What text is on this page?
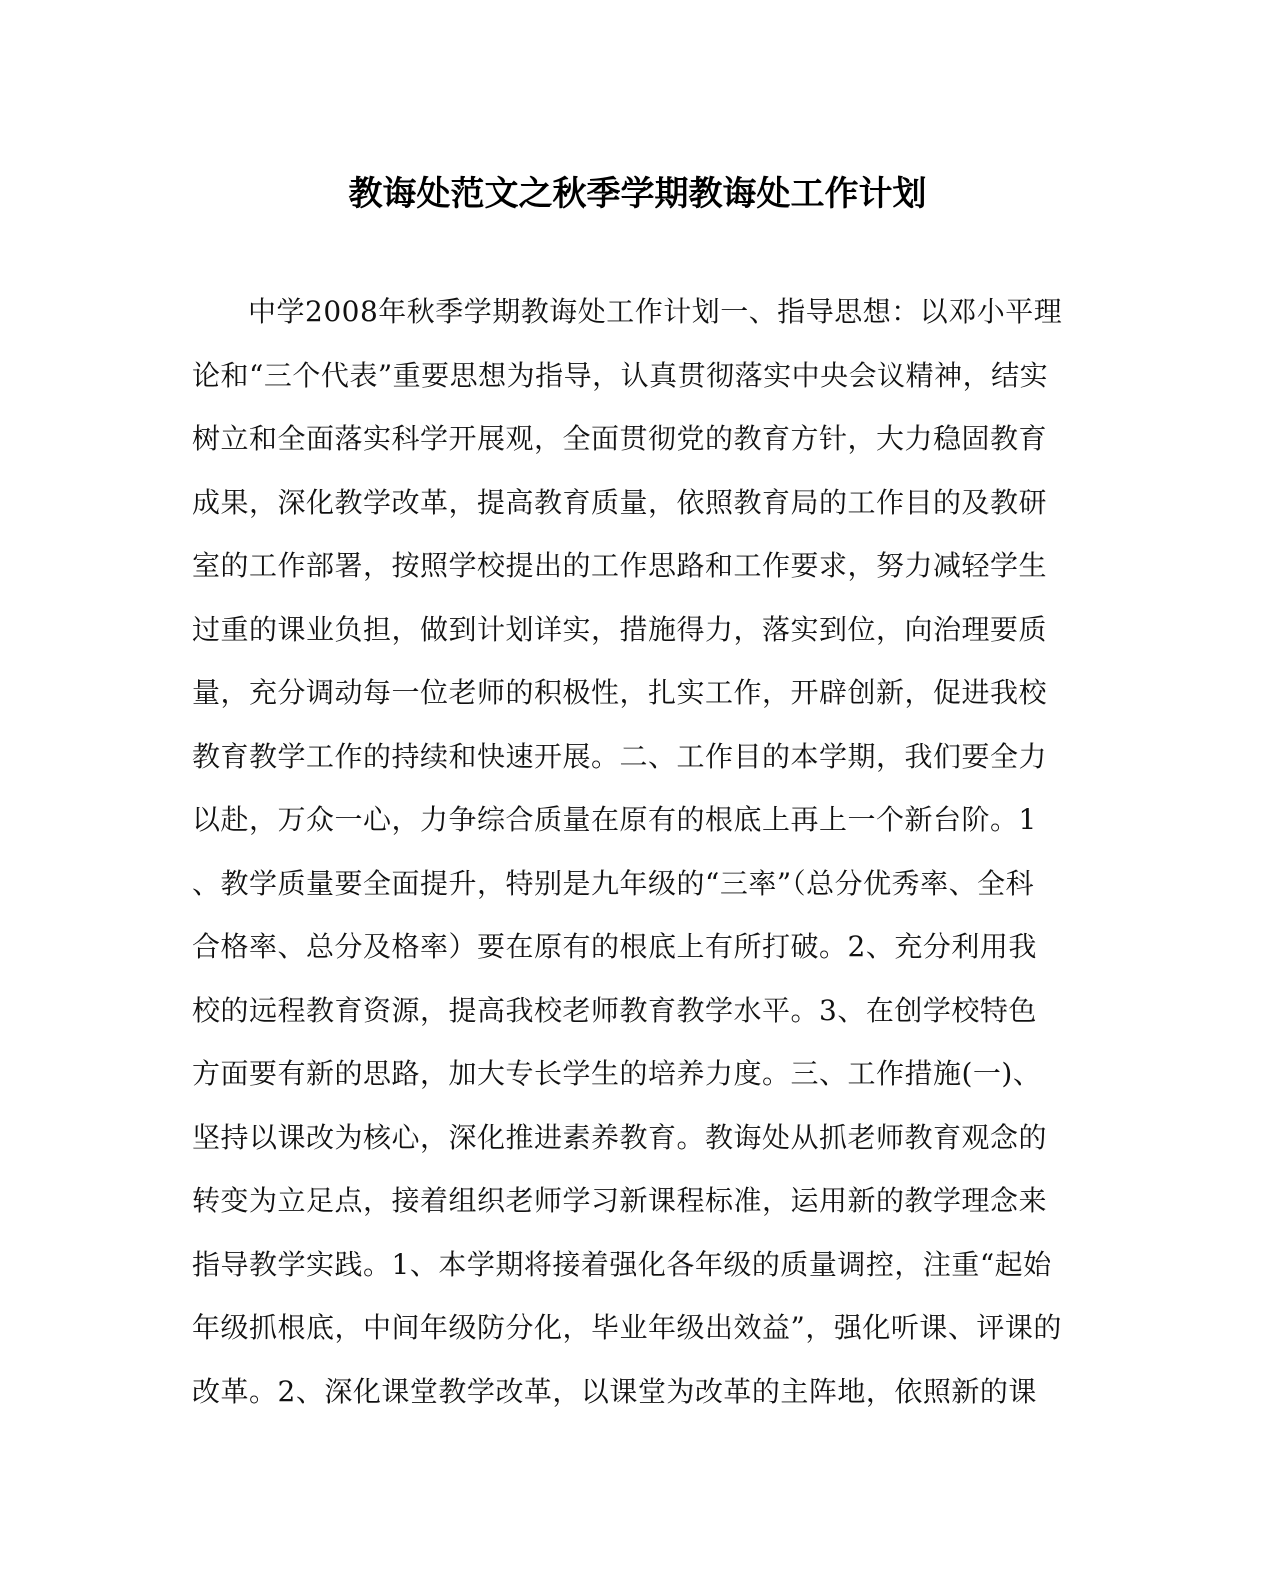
教诲处范文之秋季学期教诲处工作计划
中学2008年秋季学期教诲处工作计划一、指导思想：以邓小平理
论和“三个代表”重要思想为指导，认真贯彻落实中央会议精神，结实
树立和全面落实科学开展观，全面贯彻党的教育方针，大力稳固教育
成果，深化教学改革，提高教育质量，依照教育局的工作目的及教研
室的工作部署，按照学校提出的工作思路和工作要求，努力减轻学生
过重的课业负担，做到计划详实，措施得力，落实到位，向治理要质
量，充分调动每一位老师的积极性，扎实工作，开辟创新，促进我校
教育教学工作的持续和快速开展。二、工作目的本学期，我们要全力
以赴，万众一心，力争综合质量在原有的根底上再上一个新台阶。1
、教学质量要全面提升，特别是九年级的“三率”（总分优秀率、全科
合格率、总分及格率）要在原有的根底上有所打破。2、充分利用我
校的远程教育资源，提高我校老师教育教学水平。3、在创学校特色
方面要有新的思路，加大专长学生的培养力度。三、工作措施(一)、
坚持以课改为核心，深化推进素养教育。教诲处从抓老师教育观念的
转变为立足点，接着组织老师学习新课程标准，运用新的教学理念来
指导教学实践。1、本学期将接着强化各年级的质量调控，注重“起始
年级抓根底，中间年级防分化，毕业年级出效益”，强化听课、评课的
改革。2、深化课堂教学改革，以课堂为改革的主阵地，依照新的课
